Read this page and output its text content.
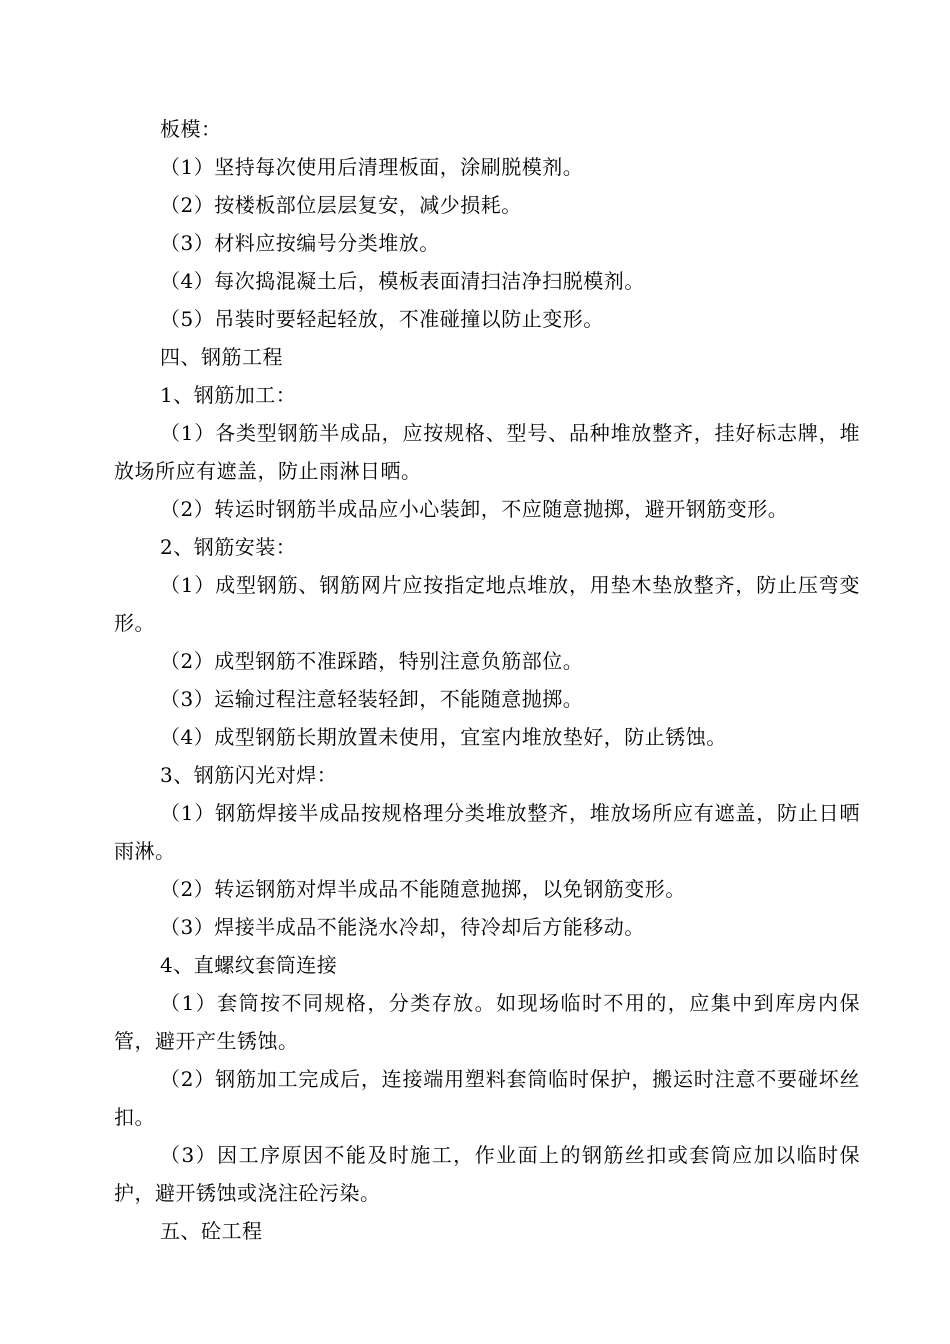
板模：

（1）坚持每次使用后清理板面，涂刷脱模剂。

（2）按楼板部位层层复安，减少损耗。

（3）材料应按编号分类堆放。

（4）每次捣混凝土后，模板表面清扫洁净扫脱模剂。

（5）吊装时要轻起轻放，不准碰撞以防止变形。

四、钢筋工程

1、钢筋加工：

（1）各类型钢筋半成品，应按规格、型号、品种堆放整齐，挂好标志牌，堆放场所应有遮盖，防止雨淋日晒。

（2）转运时钢筋半成品应小心装卸，不应随意抛掷，避开钢筋变形。

2、钢筋安装：

（1）成型钢筋、钢筋网片应按指定地点堆放，用垫木垫放整齐，防止压弯变形。

（2）成型钢筋不准踩踏，特别注意负筋部位。

（3）运输过程注意轻装轻卸，不能随意抛掷。

（4）成型钢筋长期放置未使用，宜室内堆放垫好，防止锈蚀。

3、钢筋闪光对焊：

（1）钢筋焊接半成品按规格理分类堆放整齐，堆放场所应有遮盖，防止日晒雨淋。

（2）转运钢筋对焊半成品不能随意抛掷，以免钢筋变形。

（3）焊接半成品不能浇水冷却，待冷却后方能移动。

4、直螺纹套筒连接

（1）套筒按不同规格，分类存放。如现场临时不用的，应集中到库房内保管，避开产生锈蚀。

（2）钢筋加工完成后，连接端用塑料套筒临时保护，搬运时注意不要碰坏丝扣。

（3）因工序原因不能及时施工，作业面上的钢筋丝扣或套筒应加以临时保护，避开锈蚀或浇注砼污染。

五、砼工程
